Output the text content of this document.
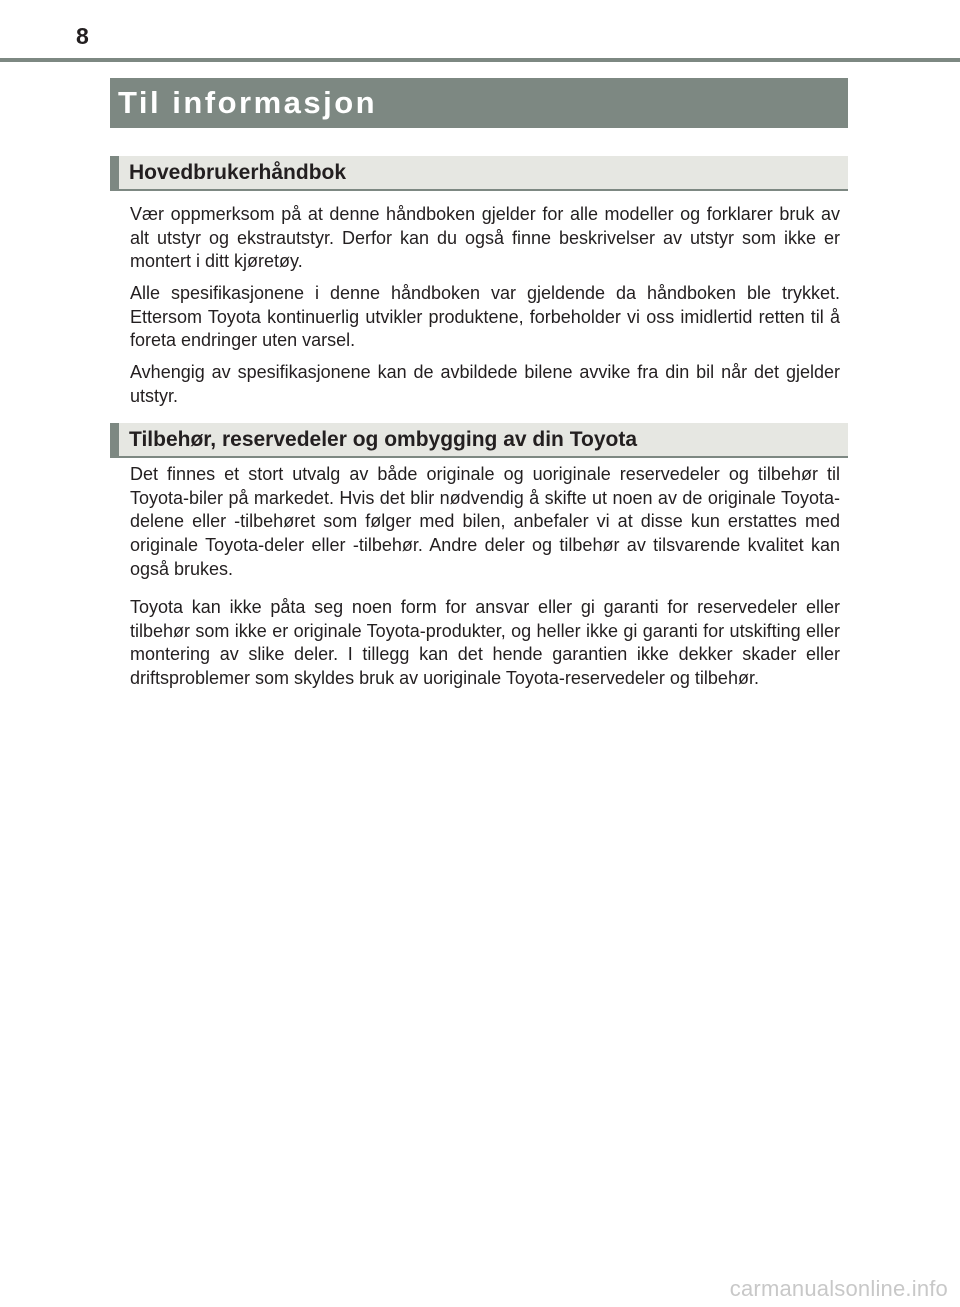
8
Til informasjon
Hovedbrukerhåndbok

Vær oppmerksom på at denne håndboken gjelder for alle modeller og forklarer bruk av alt utstyr og ekstrautstyr. Derfor kan du også finne beskrivelser av utstyr som ikke er montert i ditt kjøretøy.

Alle spesifikasjonene i denne håndboken var gjeldende da håndboken ble trykket. Ettersom Toyota kontinuerlig utvikler produktene, forbeholder vi oss imidlertid retten til å foreta endringer uten varsel.

Avhengig av spesifikasjonene kan de avbildede bilene avvike fra din bil når det gjelder utstyr.

Tilbehør, reservedeler og ombygging av din Toyota

Det finnes et stort utvalg av både originale og uoriginale reservedeler og tilbehør til Toyota-biler på markedet. Hvis det blir nødvendig å skifte ut noen av de originale Toyota-delene eller -tilbehøret som følger med bilen, anbefaler vi at disse kun erstattes med originale Toyota-deler eller -tilbehør. Andre deler og tilbehør av tilsvarende kvalitet kan også brukes.

Toyota kan ikke påta seg noen form for ansvar eller gi garanti for reservedeler eller tilbehør som ikke er originale Toyota-produkter, og heller ikke gi garanti for utskifting eller montering av slike deler. I tillegg kan det hende garantien ikke dekker skader eller driftsproblemer som skyldes bruk av uoriginale Toyota-reservedeler og tilbehør.

carmanualsonline.info
